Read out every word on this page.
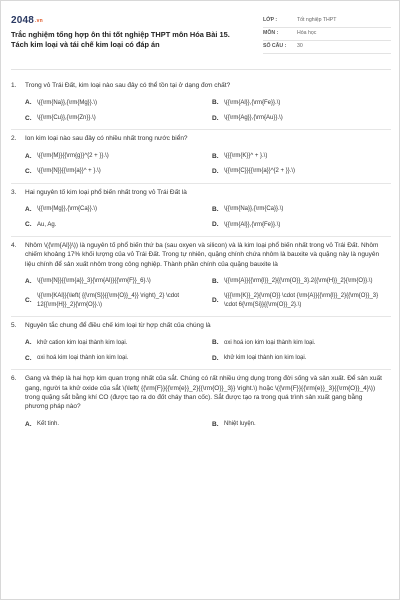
2048.vn
Trắc nghiệm tổng hợp ôn thi tốt nghiệp THPT môn Hóa Bài 15. Tách kim loại và tái chế kim loại có đáp án
LỚP :	Tốt nghiệp THPT
MÔN :	Hóa học
SỐ CÂU :	30
1.	Trong vỏ Trái Đất, kim loại nào sau đây có thể tồn tại ở dạng đơn chất?
A. \({\rm{Na}},{\rm{Mg}}.\)	B. \({\rm{Al}},{\rm{Fe}}.\)
C. \({\rm{Cu}},{\rm{Zn}}.\)	D. \({\rm{Ag}},{\rm{Au}}.\)
2.	Ion kim loại nào sau đây có nhiều nhất trong nước biển?
A. \({\rm{M}}{{\rm{g}}^{2 + }}.\)	B. \({{\rm{K}}^ + }.\)
C. \({\rm{N}}{{\rm{a}}^ + }.\)	D. \({\rm{C}}{{\rm{a}}^{2 + }}.\)
3.	Hai nguyên tố kim loại phổ biến nhất trong vỏ Trái Đất là
A. \({\rm{Mg}},{\rm{Ca}}.\)	B. \({\rm{Na}},{\rm{Ca}}.\)
C. Au, Ag.	D. \({\rm{Al}},{\rm{Fe}}.\)
4.	Nhôm \({\rm{Al}}\)) là nguyên tố phổ biến thứ ba (sau oxyen và silicon) và là kim loại phổ biến nhất trong vỏ Trái Đất. Nhôm chiếm khoảng 17% khối lượng của vỏ Trái Đất. Trong tự nhiên, quặng chính chứa nhôm là bauxite và quặng này là nguyên liệu chính để sản xuất nhôm trong công nghiệp. Thành phần chính của quặng bauxite là
A. \({\rm{N}}{{\rm{a}}_3}{\rm{Al}}{{\rm{F}}_6}.\)	B. \({\rm{A}}{{\rm{l}}_2}{{\rm{O}}_3}.2{{\rm{H}}_2}{\rm{O}}.\)
C.
\({\rm{KAl}}{\left( {{\rm{S}}{{\rm{O}}_4}} \right)_2} \cdot 12{{\rm{H}}_2}{\rm{O}}.\)
D.
\({{\rm{K}}_2}{\rm{O}} \cdot {\rm{A}}{{\rm{l}}_2}{{\rm{O}}_3} \cdot 6{\rm{Si}}{{\rm{O}}_2}.\)
5.	Nguyên tắc chung để điều chế kim loại từ hợp chất của chúng là
A. khử cation kim loại thành kim loại.	B. oxi hoá ion kim loại thành kim loại.
C. oxi hoá kim loại thành ion kim loại.	D. khử kim loại thành ion kim loại.
6.	Gang và thép là hai hợp kim quan trọng nhất của sắt. Chúng có rất nhiều ứng dụng trong đời sống và sản xuất. Để sản xuất gang, người ta khử oxide của sắt \(\left( {{\rm{F}}{{\rm{e}}_2}{{\rm{O}}_3}} \right.\) hoặc \({\rm{F}}{{\rm{e}}_3}{{\rm{O}}_4}\)) trong quặng sắt bằng khí CO (được tạo ra do đốt cháy than cốc). Sắt được tạo ra trong quá trình sản xuất gang bằng phương pháp nào?
A. Kết tinh.	B. Nhiệt luyện.
